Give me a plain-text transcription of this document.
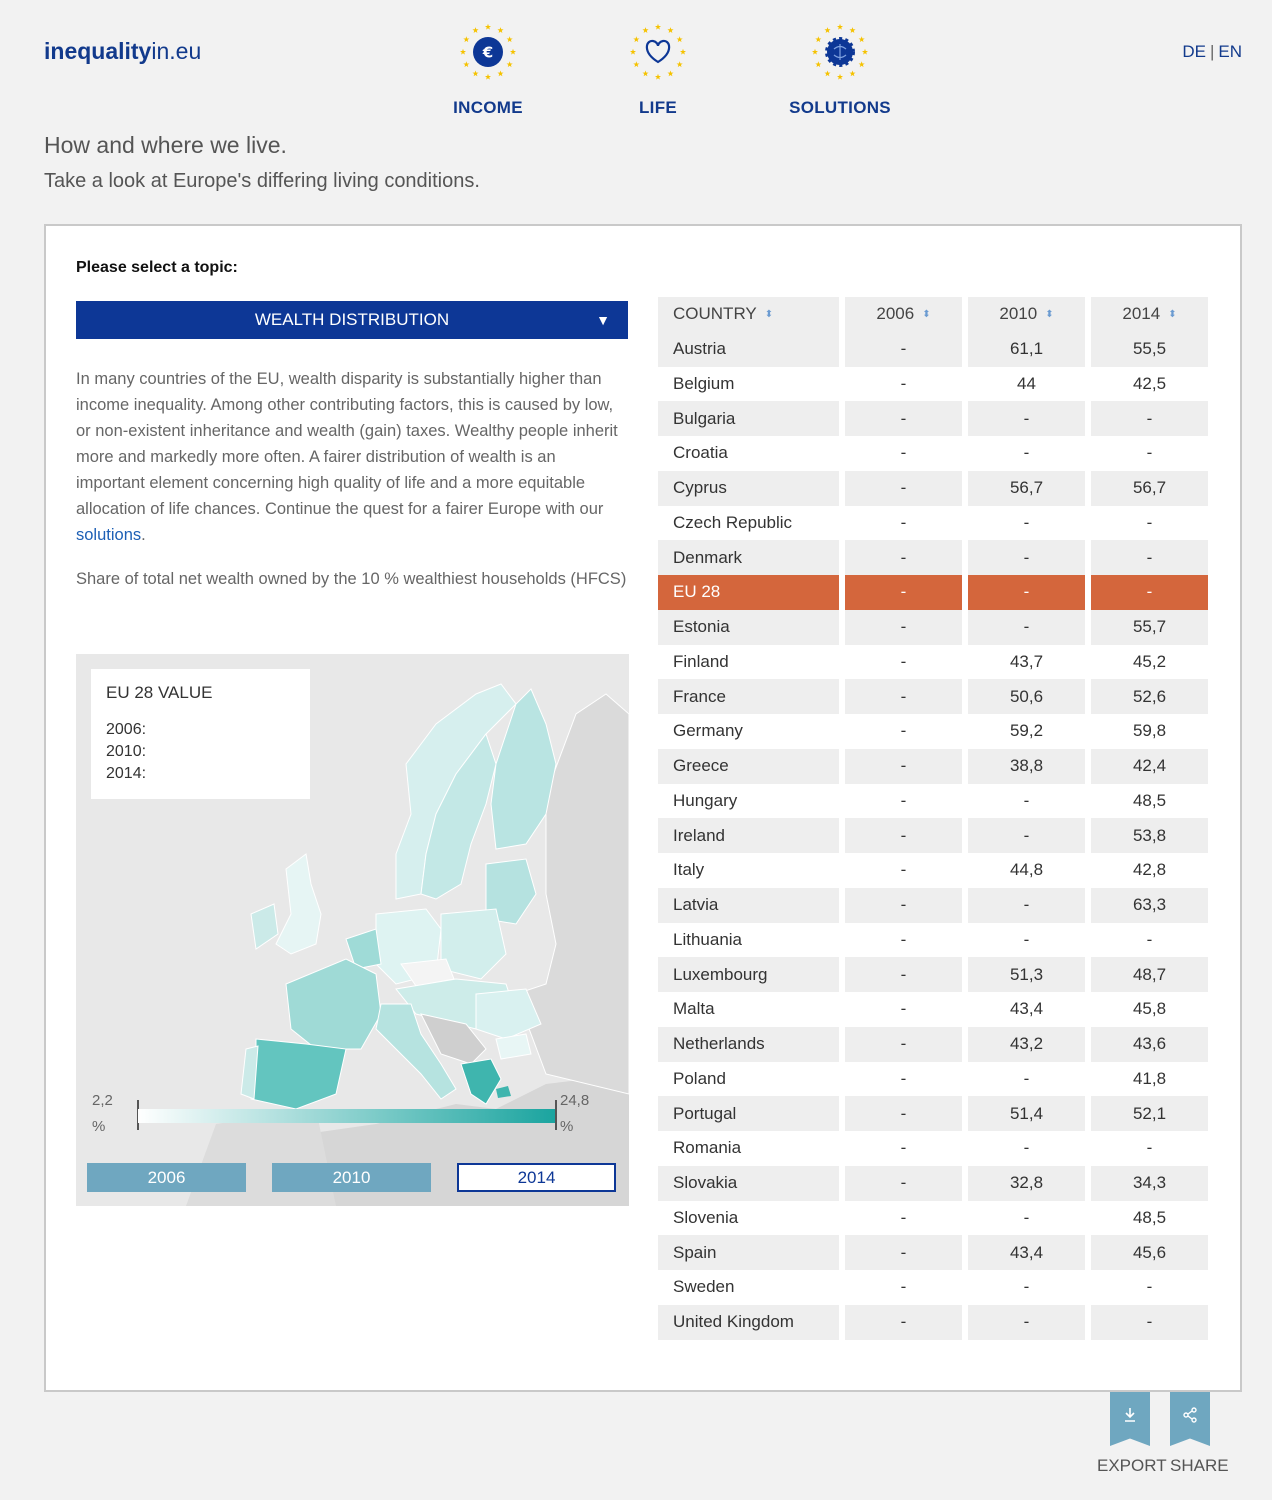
inequalityin.eu	DE | EN
€
INCOME	LIFE	SOLUTIONS
How and where we live.
Take a look at Europe's differing living conditions.
Please select a topic:
WEALTH DISTRIBUTION	▼

In many countries of the EU, wealth disparity is substantially higher than income inequality. Among other contributing factors, this is caused by low, or non-existent inheritance and wealth (gain) taxes. Wealthy people inherit more and markedly more often. A fairer distribution of wealth is an important element concerning high quality of life and a more equitable allocation of life chances. Continue the quest for a fairer Europe with our solutions.

Share of total net wealth owned by the 10 % wealthiest households (HFCS)

EU 28 VALUE
2006:
2010:
2014:
2,2
%
24,8
%
2006	2010	2014
COUNTRY ⬍	2006 ⬍	2010 ⬍	2014 ⬍
Austria	-	61,1	55,5
Belgium	-	44	42,5
Bulgaria	-	-	-
Croatia	-	-	-
Cyprus	-	56,7	56,7
Czech Republic	-	-	-
Denmark	-	-	-
EU 28	-	-	-
Estonia	-	-	55,7
Finland	-	43,7	45,2
France	-	50,6	52,6
Germany	-	59,2	59,8
Greece	-	38,8	42,4
Hungary	-	-	48,5
Ireland	-	-	53,8
Italy	-	44,8	42,8
Latvia	-	-	63,3
Lithuania	-	-	-
Luxembourg	-	51,3	48,7
Malta	-	43,4	45,8
Netherlands	-	43,2	43,6
Poland	-	-	41,8
Portugal	-	51,4	52,1
Romania	-	-	-
Slovakia	-	32,8	34,3
Slovenia	-	-	48,5
Spain	-	43,4	45,6
Sweden	-	-	-
United Kingdom	-	-	-
EXPORT SHARE
